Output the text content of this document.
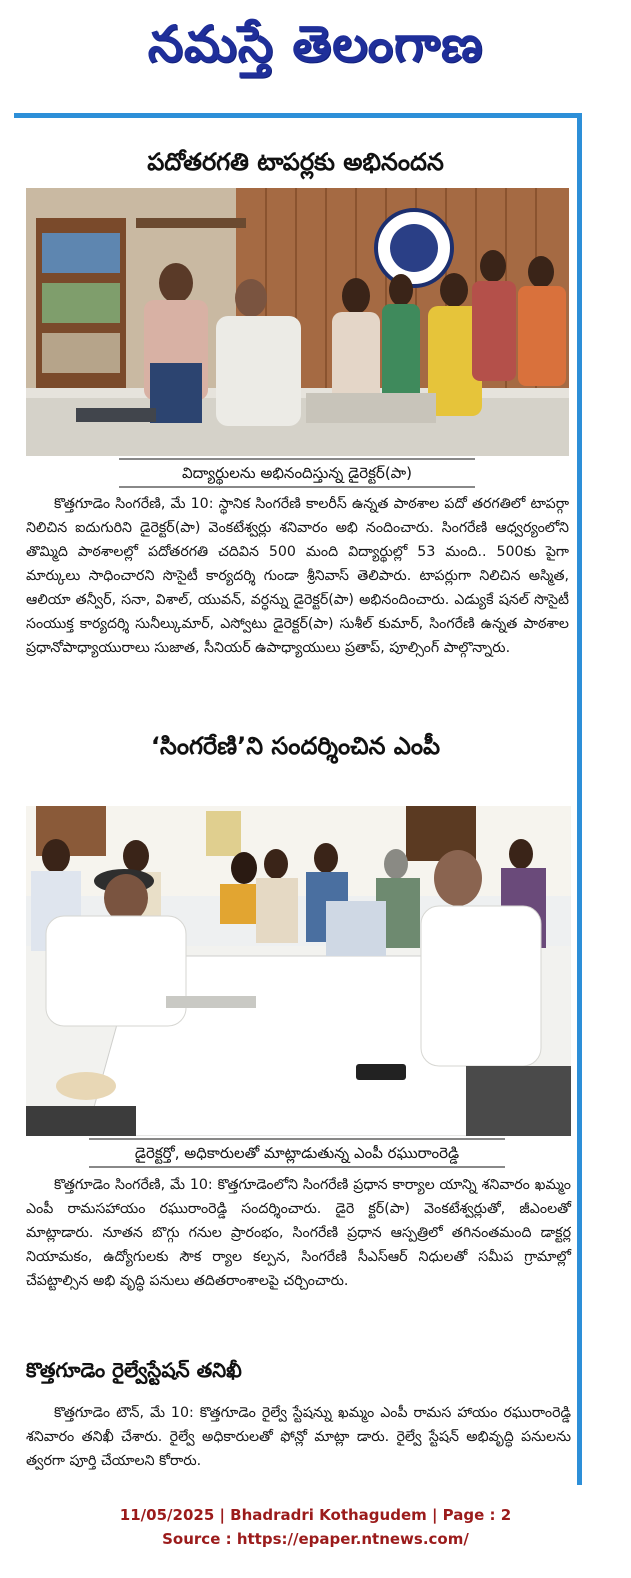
నమస్తే తెలంగాణ
పదోతరగతి టాపర్లకు అభినందన
విద్యార్థులను అభినందిస్తున్న డైరెక్టర్(పా)

కొత్తగూడెం సింగరేణి, మే 10: స్థానిక సింగరేణి కాలరీస్ ఉన్నత పాఠశాల పదో తరగతిలో టాపర్గా నిలిచిన ఐదుగురిని డైరెక్టర్(పా) వెంకటేశ్వర్లు శనివారం అభి నందించారు. సింగరేణి ఆధ్వర్యంలోని తొమ్మిది పాఠశాలల్లో పదోతరగతి చదివిన 500 మంది విద్యార్థుల్లో 53 మంది.. 500కు పైగా మార్కులు సాధించారని సొసైటీ కార్యదర్శి గుండా శ్రీనివాస్ తెలిపారు. టాపర్లుగా నిలిచిన అస్మిత, ఆలియా తన్వీర్, సనా, విశాల్, యువన్, వర్ధన్ను డైరెక్టర్(పా) అభినందించారు. ఎడ్యుకే షనల్ సొసైటీ సంయుక్త కార్యదర్శి సునీల్కుమార్, ఎస్వోటు డైరెక్టర్(పా) సుశీల్ కుమార్, సింగరేణి ఉన్నత పాఠశాల ప్రధానోపాధ్యాయురాలు సుజాత, సీనియర్ ఉపాధ్యాయులు ప్రతాప్, పూల్సింగ్ పాల్గొన్నారు.

‘సింగరేణి’ని సందర్శించిన ఎంపీ
డైరెక్టర్తో, అధికారులతో మాట్లాడుతున్న ఎంపీ రఘురాంరెడ్డి

కొత్తగూడెం సింగరేణి, మే 10: కొత్తగూడెంలోని సింగరేణి ప్రధాన కార్యాల యాన్ని శనివారం ఖమ్మం ఎంపీ రామసహాయం రఘురాంరెడ్డి సందర్శించారు. డైరె క్టర్(పా) వెంకటేశ్వర్లుతో, జీఎంలతో మాట్లాడారు. నూతన బొగ్గు గనుల ప్రారంభం, సింగరేణి ప్రధాన ఆస్పత్రిలో తగినంతమంది డాక్టర్ల నియామకం, ఉద్యోగులకు సౌక ర్యాల కల్పన, సింగరేణి సీఎస్ఆర్ నిధులతో సమీప గ్రామాల్లో చేపట్టాల్సిన అభి వృద్ధి పనులు తదితరాంశాలపై చర్చించారు.

కొత్తగూడెం రైల్వేస్టేషన్ తనిఖీ

కొత్తగూడెం టౌన్, మే 10: కొత్తగూడెం రైల్వే స్టేషన్ను ఖమ్మం ఎంపీ రామస హాయం రఘురాంరెడ్డి శనివారం తనిఖీ చేశారు. రైల్వే అధికారులతో ఫోన్లో మాట్లా డారు. రైల్వే స్టేషన్ అభివృద్ధి పనులను త్వరగా పూర్తి చేయాలని కోరారు.

11/05/2025 | Bhadradri Kothagudem | Page : 2
Source : https://epaper.ntnews.com/
